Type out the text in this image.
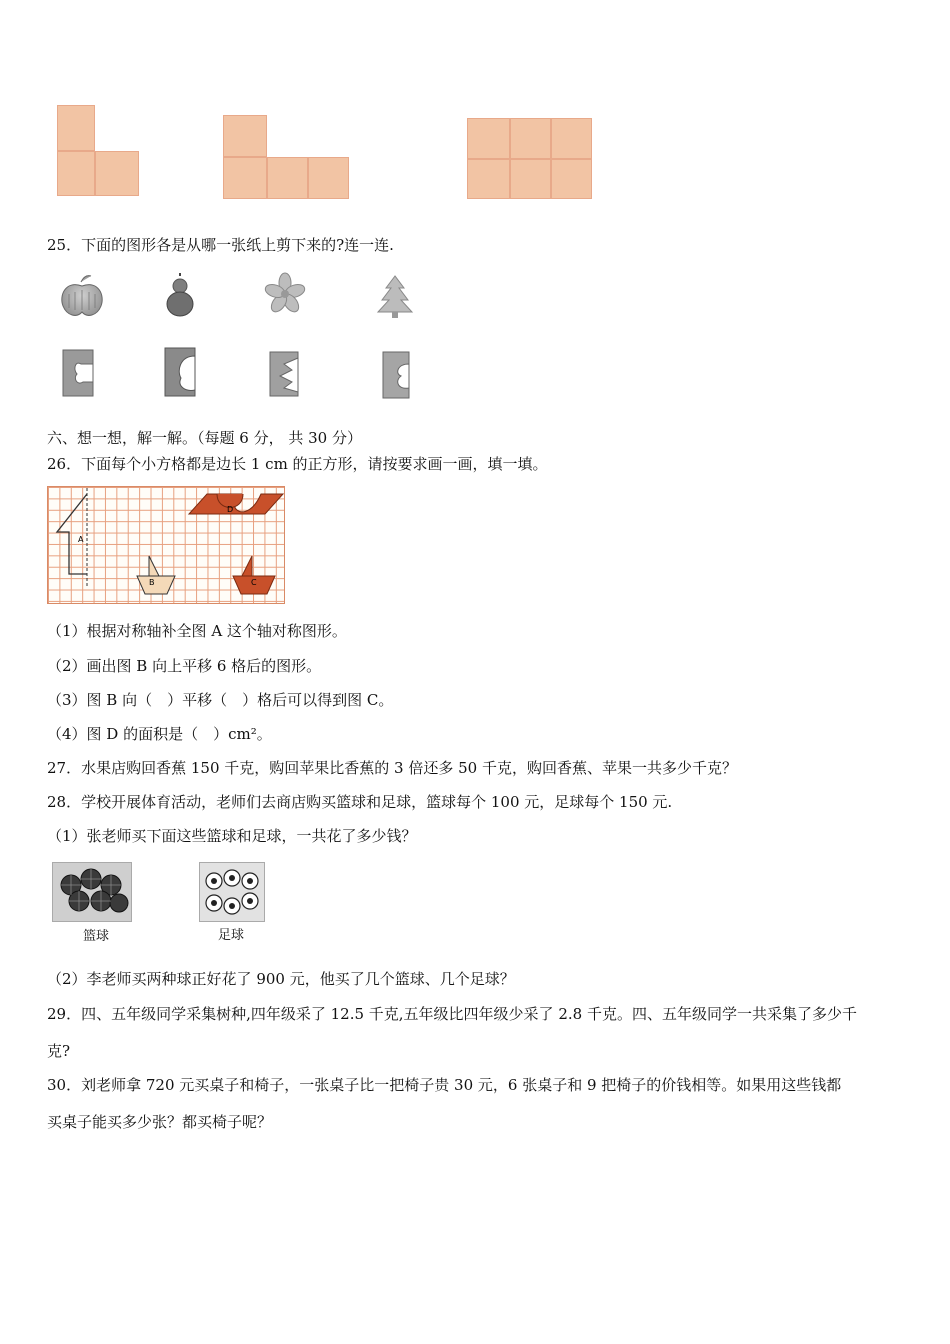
25．下面的图形各是从哪一张纸上剪下来的?连一连.
六、想一想，解一解。（每题 6 分， 共 30 分）
26．下面每个小方格都是边长 1 cm 的正方形，请按要求画一画，填一填。
A
D
B	C
（1）根据对称轴补全图 A 这个轴对称图形。
（2）画出图 B 向上平移 6 格后的图形。
（3）图 B 向（　）平移（　）格后可以得到图 C。
（4）图 D 的面积是（　）cm²。
27．水果店购回香蕉 150 千克，购回苹果比香蕉的 3 倍还多 50 千克，购回香蕉、苹果一共多少千克？
28．学校开展体育活动，老师们去商店购买篮球和足球，篮球每个 100 元，足球每个 150 元.
（1）张老师买下面这些篮球和足球，一共花了多少钱？
篮球	足球
（2）李老师买两种球正好花了 900 元，他买了几个篮球、几个足球？
29．四、五年级同学采集树种,四年级采了 12.5 千克,五年级比四年级少采了 2.8 千克。四、五年级同学一共采集了多少千
克?
30．刘老师拿 720 元买桌子和椅子，一张桌子比一把椅子贵 30 元，6 张桌子和 9 把椅子的价钱相等。如果用这些钱都
买桌子能买多少张？都买椅子呢？
